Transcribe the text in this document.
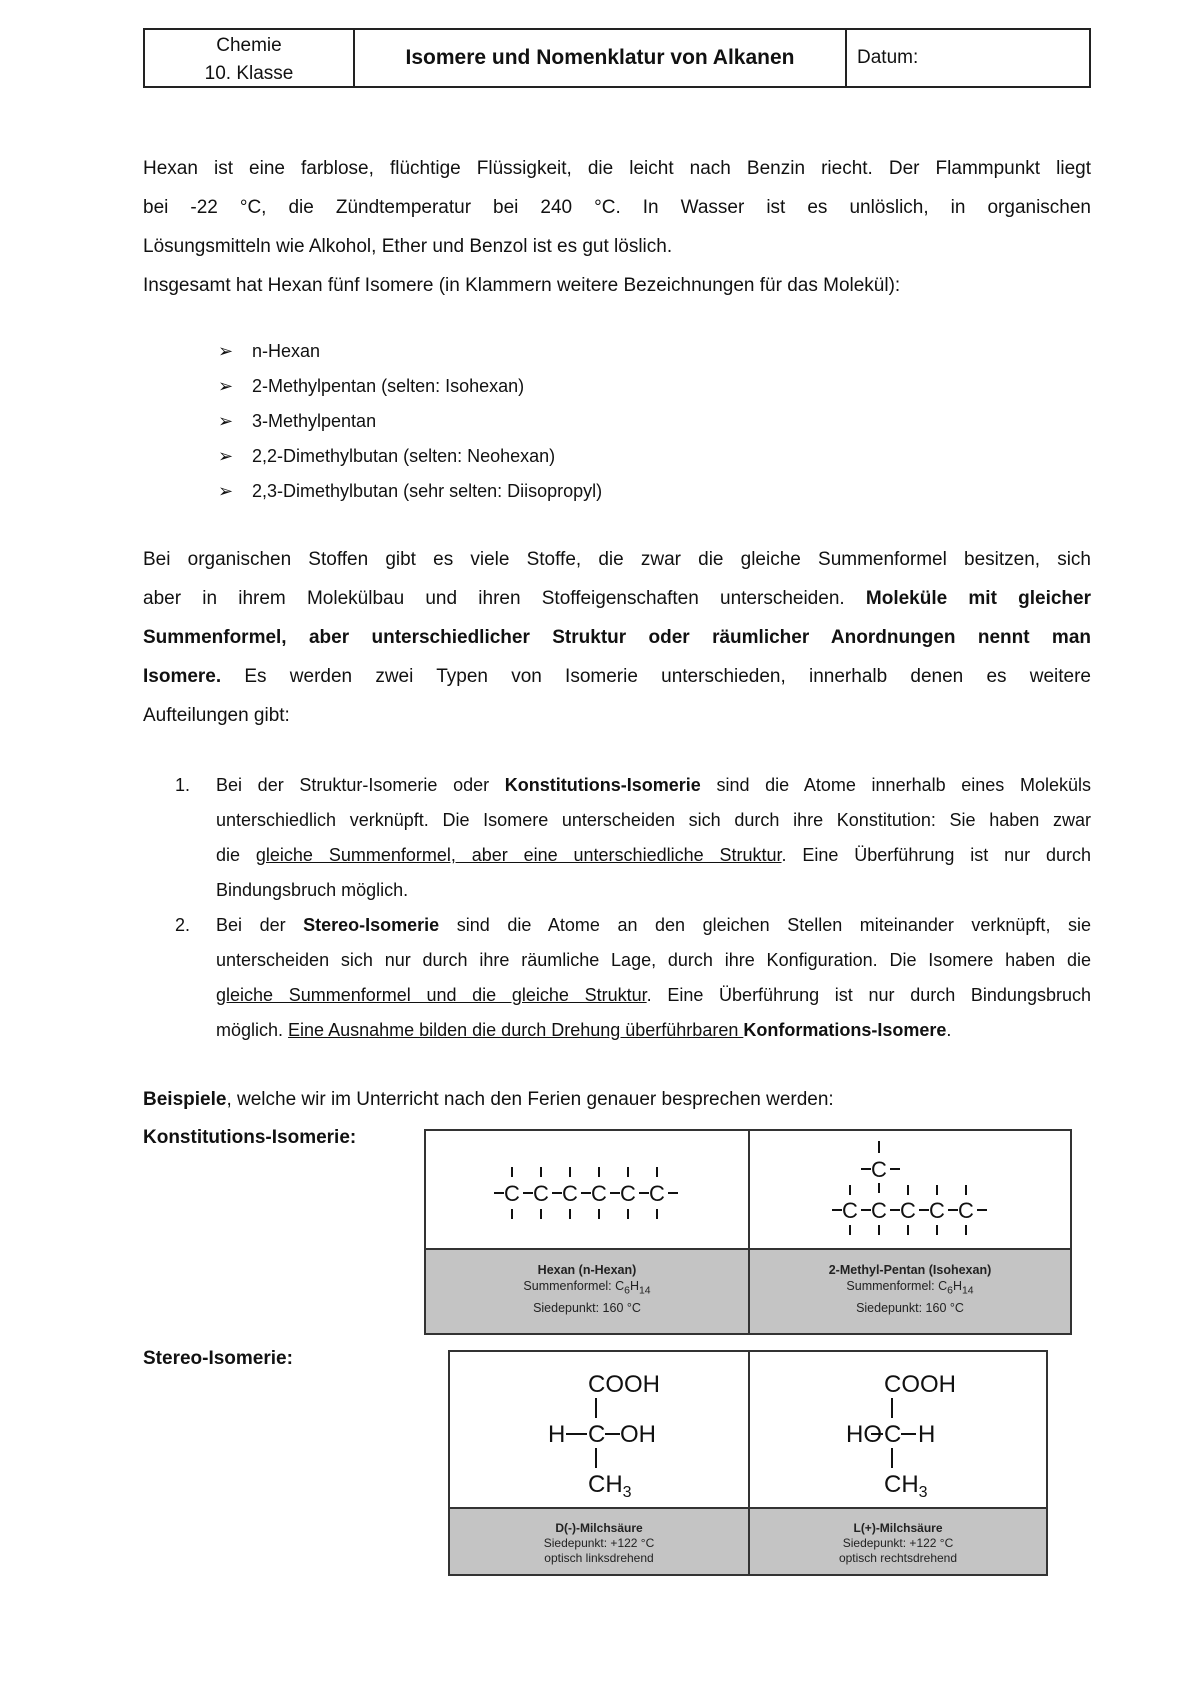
Chemie
10. Klasse
Isomere und Nomenklatur von Alkanen	Datum:
Hexan ist eine farblose, flüchtige Flüssigkeit, die leicht nach Benzin riecht. Der Flammpunkt liegt
bei -22 °C, die Zündtemperatur bei 240 °C. In Wasser ist es unlöslich, in organischen
Lösungsmitteln wie Alkohol, Ether und Benzol ist es gut löslich.
Insgesamt hat Hexan fünf Isomere (in Klammern weitere Bezeichnungen für das Molekül):
➢ n-Hexan
➢ 2-Methylpentan (selten: Isohexan)
➢ 3-Methylpentan
➢ 2,2-Dimethylbutan (selten: Neohexan)
➢ 2,3-Dimethylbutan (sehr selten: Diisopropyl)
Bei organischen Stoffen gibt es viele Stoffe, die zwar die gleiche Summenformel besitzen, sich
aber in ihrem Molekülbau und ihren Stoffeigenschaften unterscheiden. Moleküle mit gleicher
Summenformel, aber unterschiedlicher Struktur oder räumlicher Anordnungen nennt man
Isomere. Es werden zwei Typen von Isomerie unterschieden, innerhalb denen es weitere
Aufteilungen gibt:
1. Bei der Struktur-Isomerie oder Konstitutions-Isomerie sind die Atome innerhalb eines Moleküls
unterschiedlich verknüpft. Die Isomere unterscheiden sich durch ihre Konstitution: Sie haben zwar
die gleiche Summenformel, aber eine unterschiedliche Struktur. Eine Überführung ist nur durch
Bindungsbruch möglich.
2. Bei der Stereo-Isomerie sind die Atome an den gleichen Stellen miteinander verknüpft, sie
unterscheiden sich nur durch ihre räumliche Lage, durch ihre Konfiguration. Die Isomere haben die
gleiche Summenformel und die gleiche Struktur. Eine Überführung ist nur durch Bindungsbruch
möglich. Eine Ausnahme bilden die durch Drehung überführbaren Konformations-Isomere.
Beispiele, welche wir im Unterricht nach den Ferien genauer besprechen werden:
Konstitutions-Isomerie:
Stereo-Isomerie:
C C C C C C
C
C C C C C
Hexan (n-Hexan)
Summenformel: $C_6H_{14}$
Siedepunkt: 160 °C
2-Methyl-Pentan (Isohexan)
Summenformel: $C_6H_{14}$
Siedepunkt: 160 °C
COOH
H C OH
$CH_3$
COOH
HO C H
$CH_3$
D(-)-Milchsäure
Siedepunkt: +122 °C
optisch linksdrehend
L(+)-Milchsäure
Siedepunkt: +122 °C
optisch rechtsdrehend
